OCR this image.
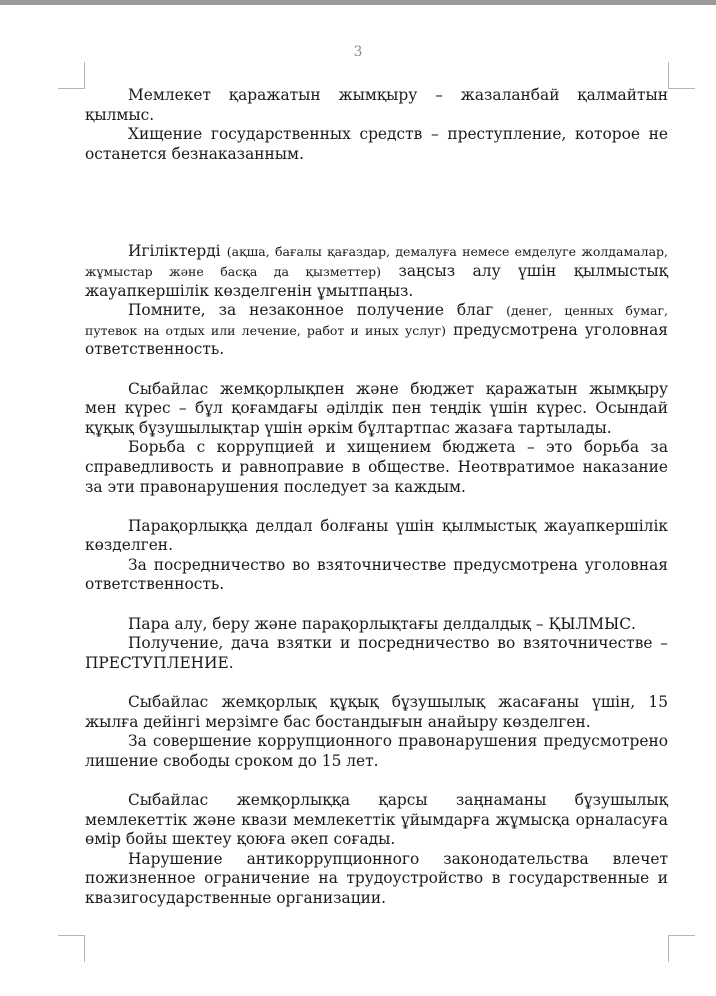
3

Мемлекет қаражатын жымқыру – жазаланбай қалмайтын қылмыс.

Хищение государственных средств – преступление, которое не останется безнаказанным.

Игіліктерді (ақша, бағалы қағаздар, демалуға немесе емделуге жолдамалар, жұмыстар және басқа да қызметтер) заңсыз алу үшін қылмыстық жауапкершілік көзделгенін ұмытпаңыз.

Помните, за незаконное получение благ (денег, ценных бумаг, путевок на отдых или лечение, работ и иных услуг) предусмотрена уголовная ответственность.

Сыбайлас жемқорлықпен және бюджет қаражатын жымқыру мен күрес – бұл қоғамдағы әділдік пен теңдік үшін күрес. Осындай құқық бұзушылықтар үшін әркім бұлтартпас жазаға тартылады.

Борьба с коррупцией и хищением бюджета – это борьба за справедливость и равноправие в обществе. Неотвратимое наказание за эти правонарушения последует за каждым.

Парақорлыққа делдал болғаны үшін қылмыстық жауапкершілік көзделген.

За посредничество во взяточничестве предусмотрена уголовная ответственность.

Пара алу, беру және парақорлықтағы делдалдық – ҚЫЛМЫС.

Получение, дача взятки и посредничество во взяточничестве – ПРЕСТУПЛЕНИЕ.

Сыбайлас жемқорлық құқық бұзушылық жасағаны үшін, 15 жылға дейінгі мерзімге бас бостандығын анайыру көзделген.

За совершение коррупционного правонарушения предусмотрено лишение свободы сроком до 15 лет.

Сыбайлас жемқорлыққа қарсы заңнаманы бұзушылық мемлекеттік және квази мемлекеттік ұйымдарға жұмысқа орналасуға өмір бойы шектеу қоюға әкеп соғады.

Нарушение антикоррупционного законодательства влечет пожизненное ограничение на трудоустройство в государственные и квазигосударственные организации.
